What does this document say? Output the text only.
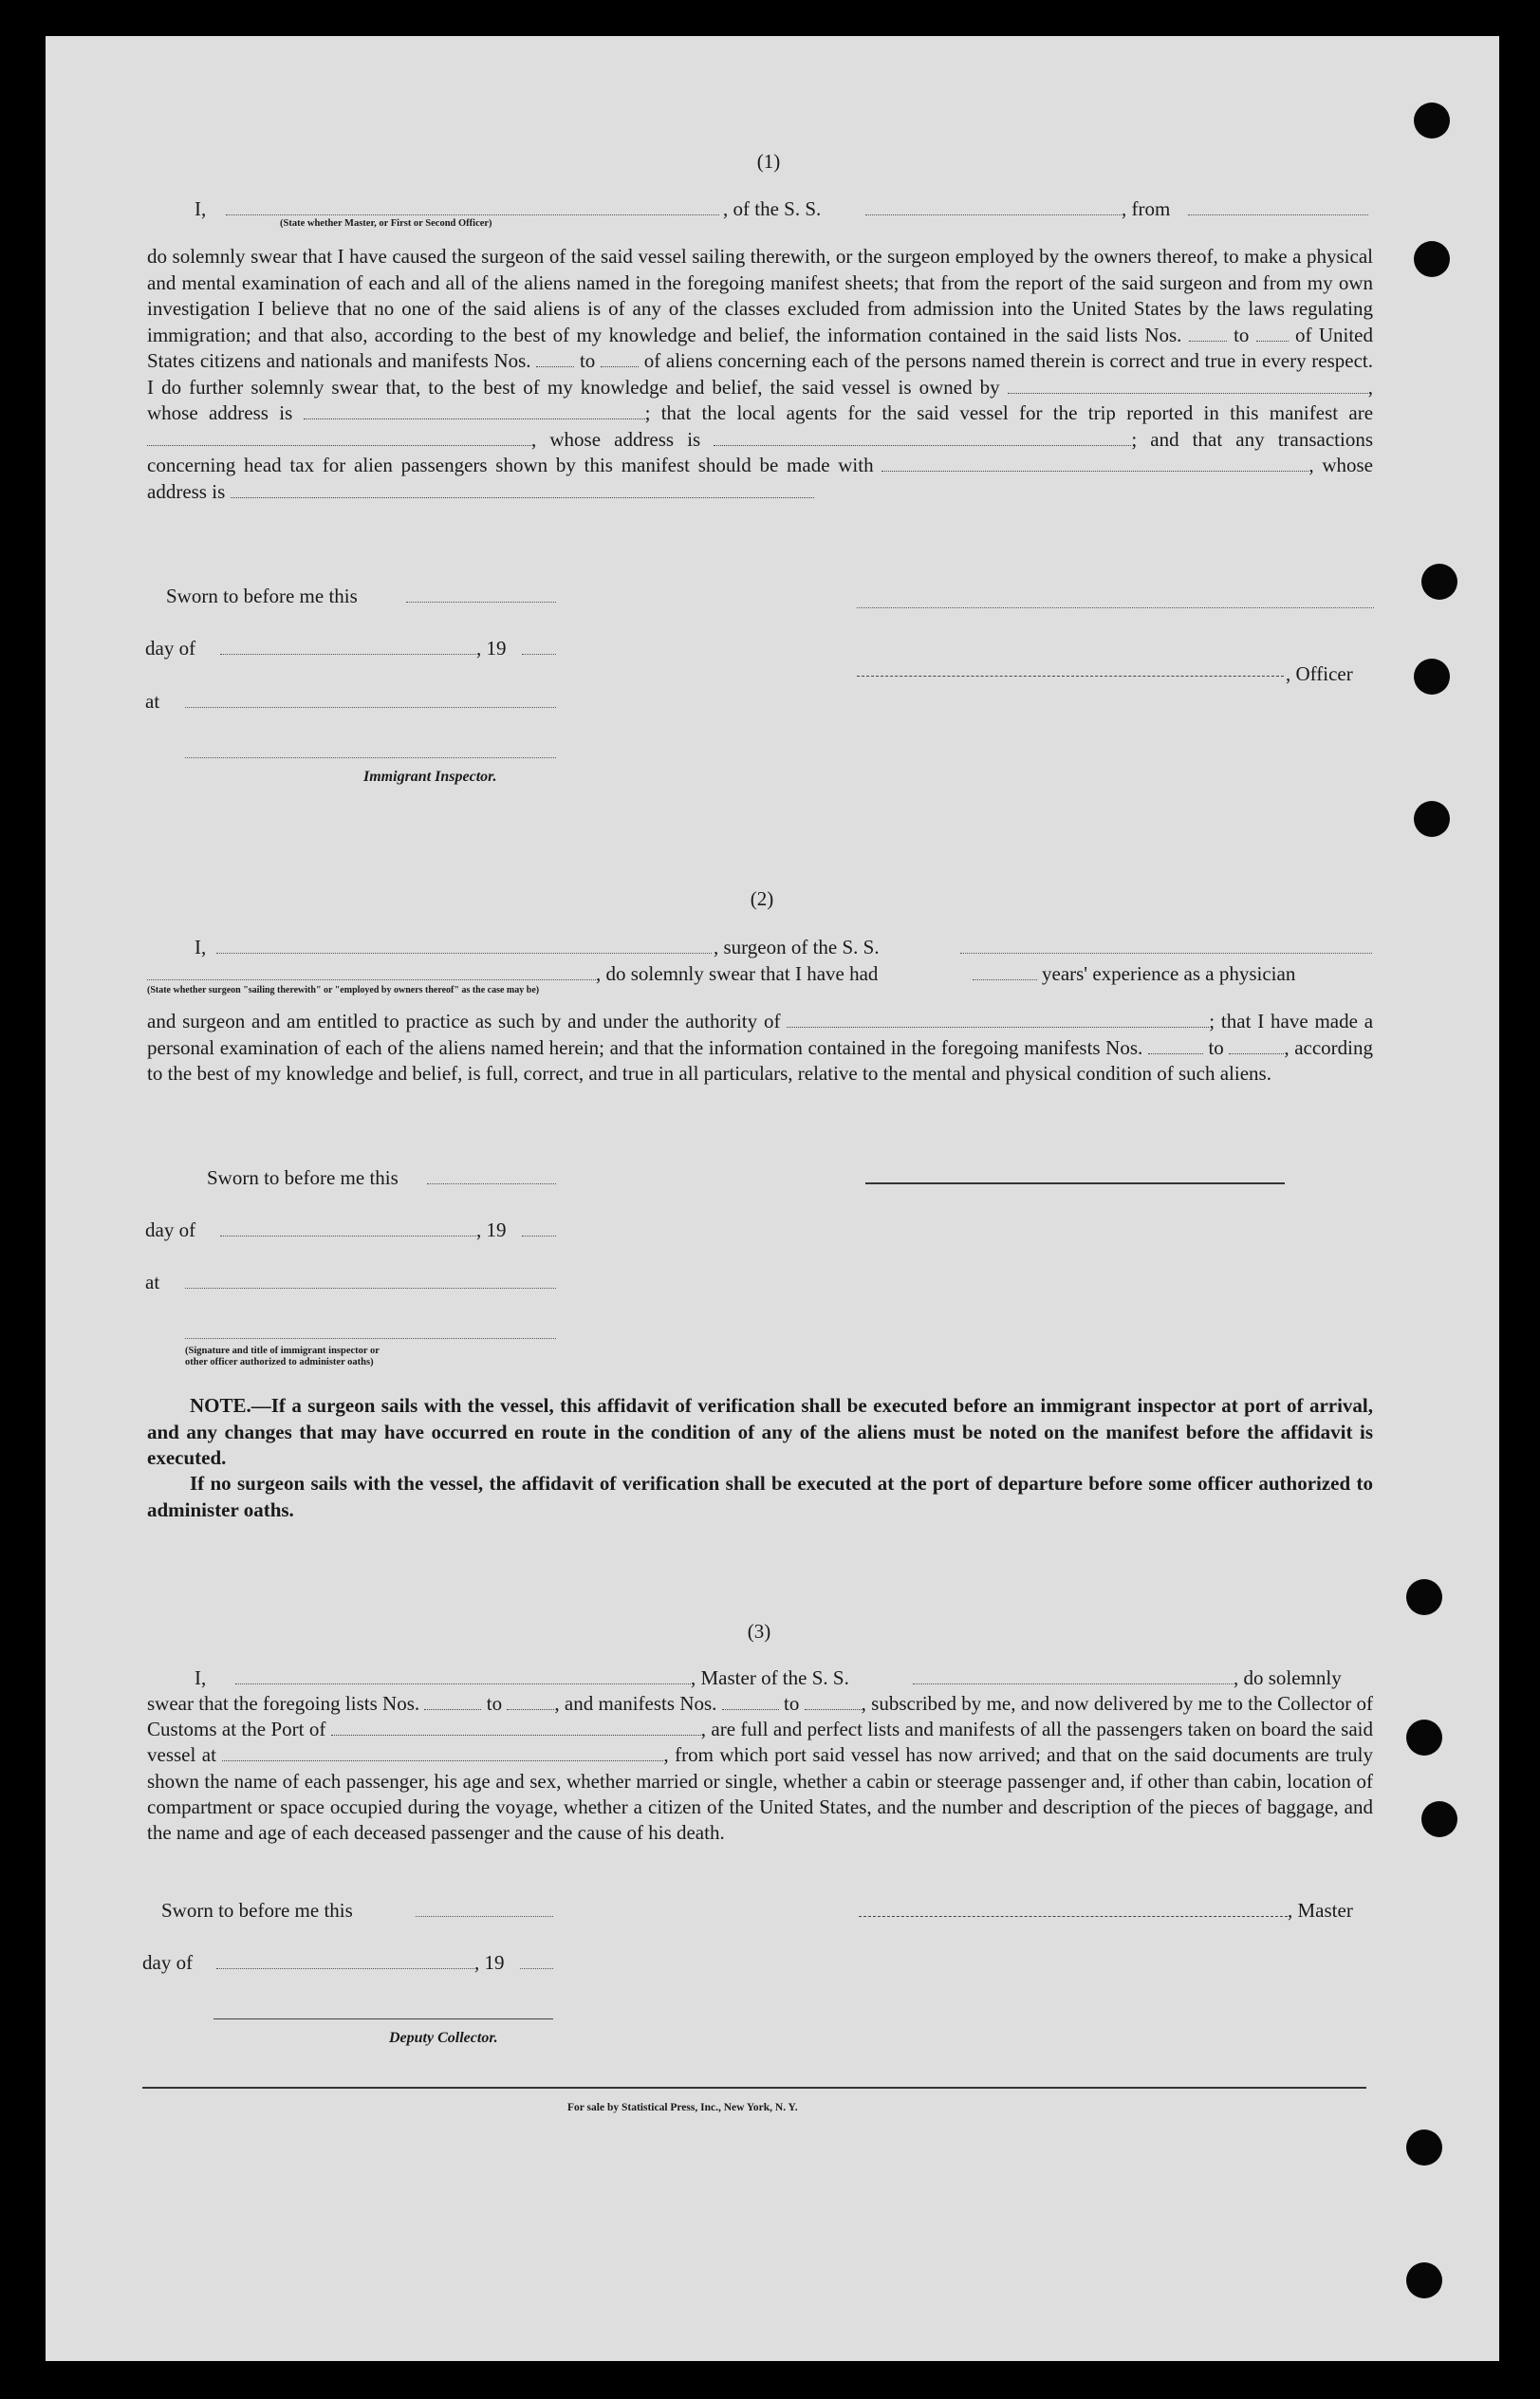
(1)
I,	, of the S. S.	, from
(State whether Master, or First or Second Officer)
do solemnly swear that I have caused the surgeon of the said vessel sailing therewith, or the surgeon employed by the owners thereof, to make a physical and mental examination of each and all of the aliens named in the foregoing manifest sheets; that from the report of the said surgeon and from my own investigation I believe that no one of the said aliens is of any of the classes excluded from admission into the United States by the laws regulating immigration; and that also, according to the best of my knowledge and belief, the information contained in the said lists Nos.	to of United States citizens and nationals and manifests Nos. to of aliens concerning each of the persons named therein is correct and true in every respect. I do further solemnly swear that, to the best of my knowledge and belief, the said vessel is owned by	, whose address is	; that the local agents for the said vessel for the trip reported in this manifest are , whose address is	; and that any transactions concerning head tax for alien passengers shown by this manifest should be made with	, whose address is
Sworn to before me this
day of	, 19
, Officer
at
Immigrant Inspector.
(2)
I,	, surgeon of the S. S.
, do solemnly swear that I have had	years' experience as a physician
(State whether surgeon "sailing therewith" or "employed by owners thereof" as the case may be)
and surgeon and am entitled to practice as such by and under the authority of	; that I have made a personal examination of each of the aliens named herein; and that the information contained in the foregoing manifests Nos.	to	, according to the best of my knowledge and belief, is full, correct, and true in all particulars, relative to the mental and physical condition of such aliens.
Sworn to before me this
day of	, 19
at
(Signature and title of immigrant inspector or
other officer authorized to administer oaths)
NOTE.—If a surgeon sails with the vessel, this affidavit of verification shall be executed before an immigrant inspector at port of arrival, and any changes that may have occurred en route in the condition of any of the aliens must be noted on the manifest before the affidavit is executed.
If no surgeon sails with the vessel, the affidavit of verification shall be executed at the port of departure before some officer authorized to administer oaths.
(3)
I,	, Master of the S. S.	, do solemnly
swear that the foregoing lists Nos.	to	, and manifests Nos.	to	, subscribed by me, and now delivered by me to the Collector of Customs at the Port of	, are full and perfect lists and manifests of all the passengers taken on board the said vessel at	, from which port said vessel has now arrived; and that on the said documents are truly shown the name of each passenger, his age and sex, whether married or single, whether a cabin or steerage passenger and, if other than cabin, location of compartment or space occupied during the voyage, whether a citizen of the United States, and the number and description of the pieces of baggage, and the name and age of each deceased passenger and the cause of his death.
Sworn to before me this	, Master
day of	, 19
Deputy Collector.
For sale by Statistical Press, Inc., New York, N. Y.
